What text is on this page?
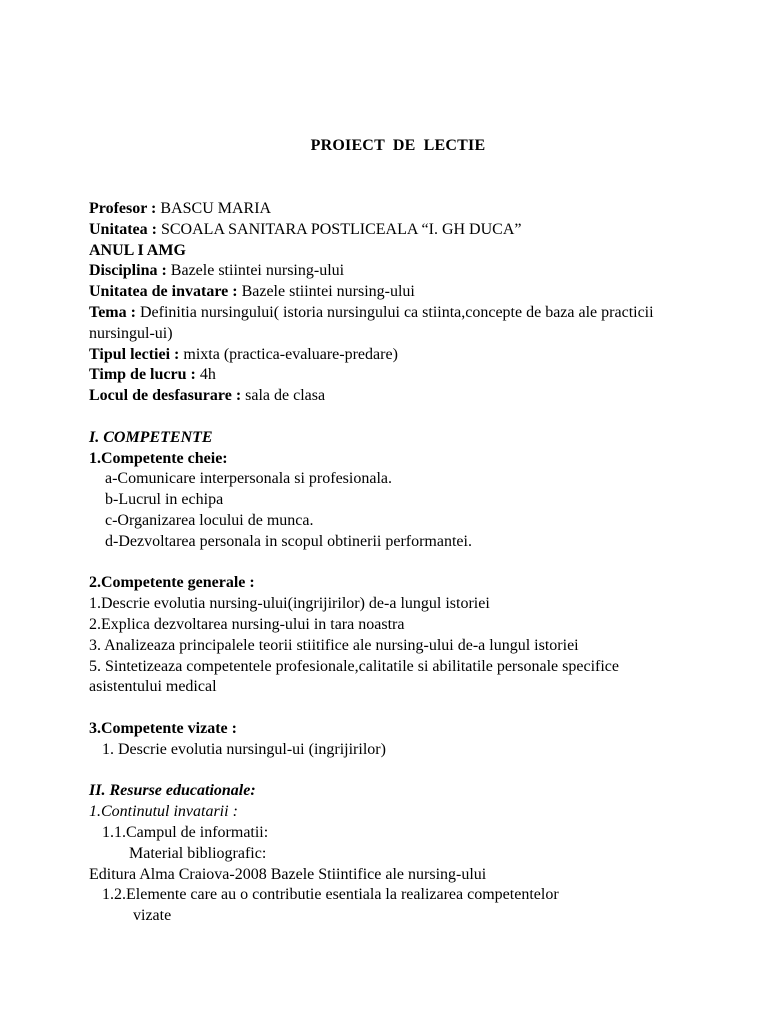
PROIECT DE LECTIE
Profesor : BASCU MARIA
Unitatea : SCOALA SANITARA POSTLICEALA “I. GH DUCA”
ANUL I AMG
Disciplina : Bazele stiintei nursing-ului
Unitatea de invatare : Bazele stiintei nursing-ului
Tema : Definitia nursingului( istoria nursingului ca stiinta,concepte de baza ale practicii nursingul-ui)
Tipul lectiei : mixta (practica-evaluare-predare)
Timp de lucru : 4h
Locul de desfasurare : sala de clasa
I. COMPETENTE
1.Competente cheie:
a-Comunicare interpersonala si profesionala.
b-Lucrul in echipa
c-Organizarea locului de munca.
d-Dezvoltarea personala in scopul obtinerii performantei.
2.Competente generale :
1.Descrie evolutia nursing-ului(ingrijirilor) de-a lungul istoriei
2.Explica dezvoltarea nursing-ului in tara noastra
3. Analizeaza principalele teorii stiitifice ale nursing-ului de-a lungul istoriei
5. Sintetizeaza competentele profesionale,calitatile si abilitatile personale specifice asistentului medical
3.Competente vizate :
1. Descrie evolutia nursingul-ui (ingrijirilor)
II. Resurse educationale:
1.Continutul invatarii :
1.1.Campul de informatii:
Material bibliografic:
Editura Alma Craiova-2008 Bazele Stiintifice ale nursing-ului
1.2.Elemente care au o contributie esentiala la realizarea competentelor
vizate
